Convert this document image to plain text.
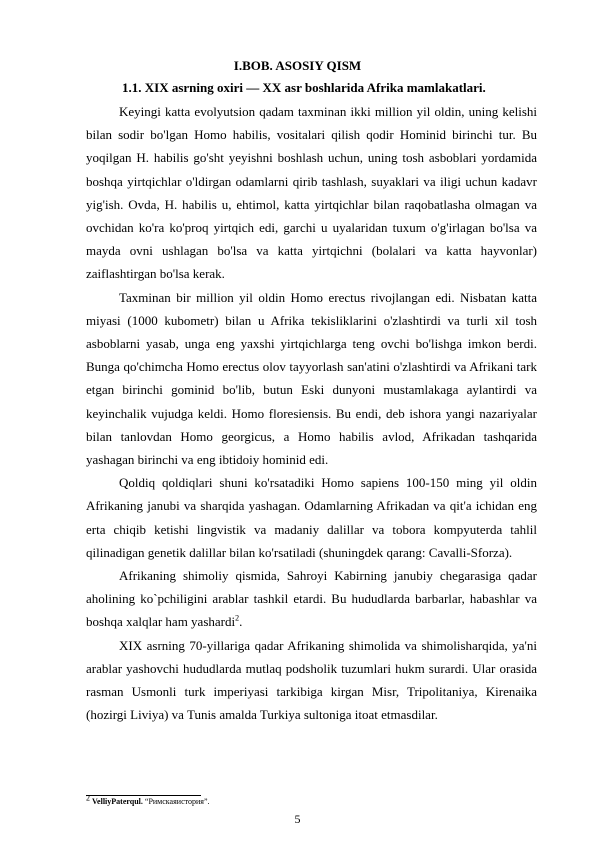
I.BOB. ASOSIY QISM
1.1. XIX asrning oxiri — XX asr boshlarida Afrika mamlakatlari.

Keyingi katta evolyutsion qadam taxminan ikki million yil oldin, uning kelishi bilan sodir bo'lgan Homo habilis, vositalari qilish qodir Hominid birinchi tur. Bu yoqilgan H. habilis go'sht yeyishni boshlash uchun, uning tosh asboblari yordamida boshqa yirtqichlar o'ldirgan odamlarni qirib tashlash, suyaklari va iligi uchun kadavr yig'ish. Ovda, H. habilis u, ehtimol, katta yirtqichlar bilan raqobatlasha olmagan va ovchidan ko'ra ko'proq yirtqich edi, garchi u uyalaridan tuxum o'g'irlagan bo'lsa va mayda ovni ushlagan bo'lsa va katta yirtqichni (bolalari va katta hayvonlar) zaiflashtirgan bo'lsa kerak.

Taxminan bir million yil oldin Homo erectus rivojlangan edi. Nisbatan katta miyasi (1000 kubometr) bilan u Afrika tekisliklarini o'zlashtirdi va turli xil tosh asboblarni yasab, unga eng yaxshi yirtqichlarga teng ovchi bo'lishga imkon berdi. Bunga qo'chimcha Homo erectus olov tayyorlash san'atini o'zlashtirdi va Afrikani tark etgan birinchi gominid bo'lib, butun Eski dunyoni mustamlakaga aylantirdi va keyinchalik vujudga keldi. Homo floresiensis. Bu endi, deb ishora yangi nazariyalar bilan tanlovdan Homo georgicus, a Homo habilis avlod, Afrikadan tashqarida yashagan birinchi va eng ibtidoiy hominid edi.

Qoldiq qoldiqlari shuni ko'rsatadiki Homo sapiens 100-150 ming yil oldin Afrikaning janubi va sharqida yashagan. Odamlarning Afrikadan va qit'a ichidan eng erta chiqib ketishi lingvistik va madaniy dalillar va tobora kompyuterda tahlil qilinadigan genetik dalillar bilan ko'rsatiladi (shuningdek qarang: Cavalli-Sforza).

Afrikaning shimoliy qismida, Sahroyi Kabirning janubiy chegarasiga qadar aholining ko`pchiligini arablar tashkil etardi. Bu hududlarda barbarlar, habashlar va boshqa xalqlar ham yashardi$^2$.

XIX asrning 70-yillariga qadar Afrikaning shimolida va shimolisharqida, ya'ni arablar yashovchi hududlarda mutlaq podsholik tuzumlari hukm surardi. Ular orasida rasman Usmonli turk imperiyasi tarkibiga kirgan Misr, Tripolitaniya, Kirenaika (hozirgi Liviya) va Tunis amalda Turkiya sultoniga itoat etmasdilar.

$^2$ VelliyPaterqul. “Римскаяистория”.
5
